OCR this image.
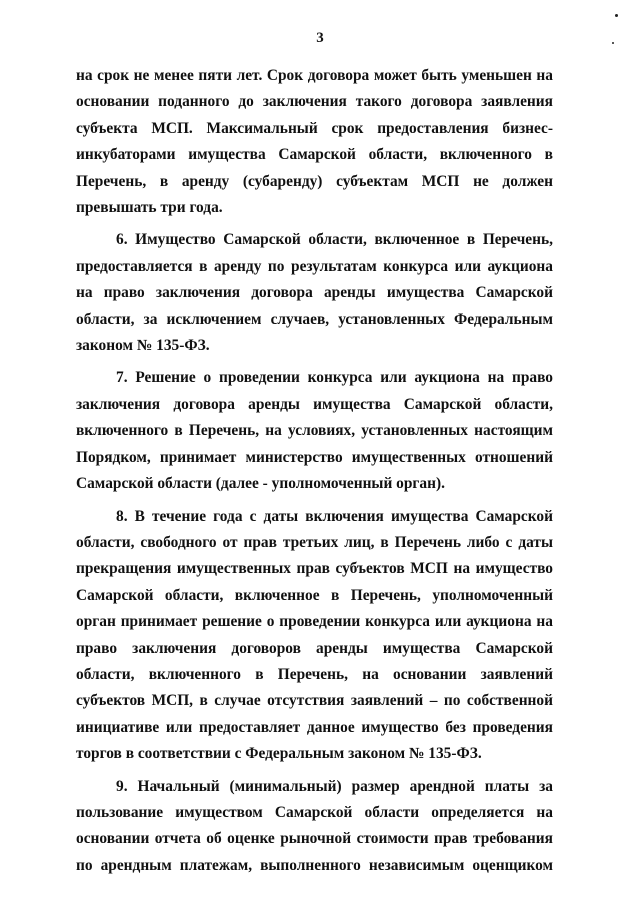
3

на срок не менее пяти лет. Срок договора может быть уменьшен на основании поданного до заключения такого договора заявления субъекта МСП. Максимальный срок предоставления бизнес-инкубаторами имущества Самарской области, включенного в Перечень, в аренду (субаренду) субъектам МСП не должен превышать три года.

6. Имущество Самарской области, включенное в Перечень, предоставляется в аренду по результатам конкурса или аукциона на право заключения договора аренды имущества Самарской области, за исключением случаев, установленных Федеральным законом № 135-ФЗ.

7. Решение о проведении конкурса или аукциона на право заключения договора аренды имущества Самарской области, включенного в Перечень, на условиях, установленных настоящим Порядком, принимает министерство имущественных отношений Самарской области (далее - уполномоченный орган).

8. В течение года с даты включения имущества Самарской области, свободного от прав третьих лиц, в Перечень либо с даты прекращения имущественных прав субъектов МСП на имущество Самарской области, включенное в Перечень, уполномоченный орган принимает решение о проведении конкурса или аукциона на право заключения договоров аренды имущества Самарской области, включенного в Перечень, на основании заявлений субъектов МСП, в случае отсутствия заявлений – по собственной инициативе или предоставляет данное имущество без проведения торгов в соответствии с Федеральным законом № 135-ФЗ.

9. Начальный (минимальный) размер арендной платы за пользование имуществом Самарской области определяется на основании отчета об оценке рыночной стоимости прав требования по арендным платежам, выполненного независимым оценщиком
